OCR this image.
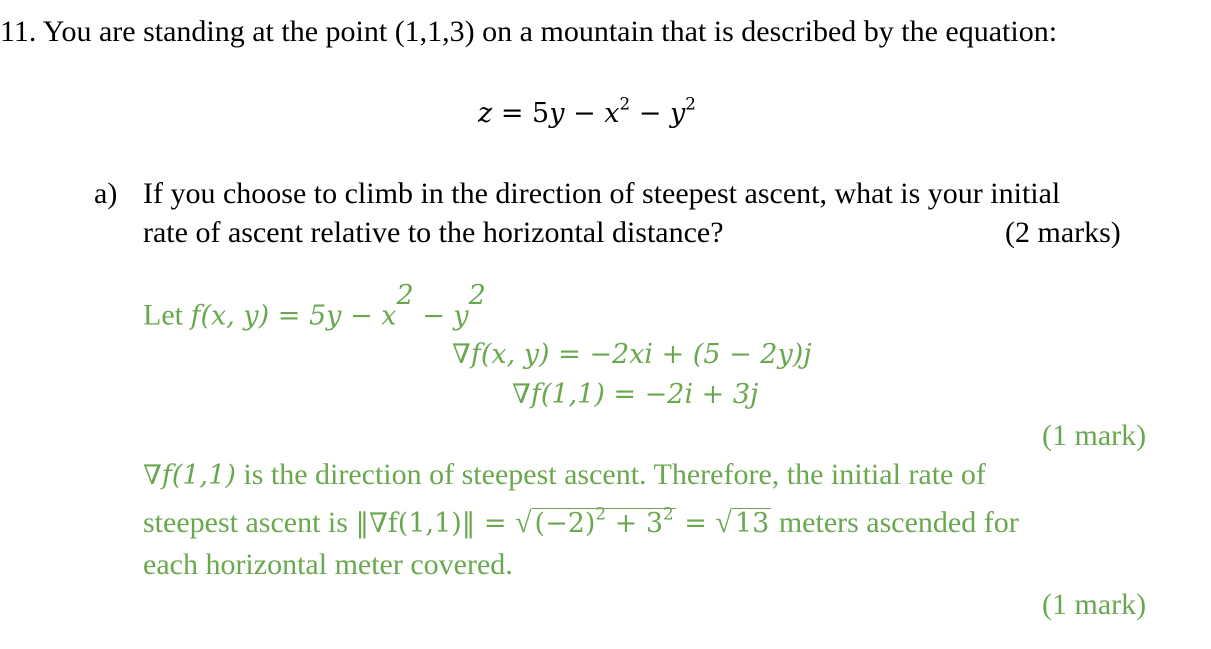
11. You are standing at the point (1,1,3) on a mountain that is described by the equation:
$z = 5y - x^2 - y^2$
a) If you choose to climb in the direction of steepest ascent, what is your initial
rate of ascent relative to the horizontal distance?	(2 marks)
Let f(x, $y) = 5y - x^2 - y^2$
∇f(x, y) = −2xi + (5 − 2y)j
∇f(1,1) = −2i + 3j
(1 mark)
∇f(1,1) is the direction of steepest ascent. Therefore, the initial rate of
steepest ascent is ‖∇f(1,1)‖ = √ $(-2)^2 + 3^2$ = √ 13 meters ascended for
each horizontal meter covered.
(1 mark)
